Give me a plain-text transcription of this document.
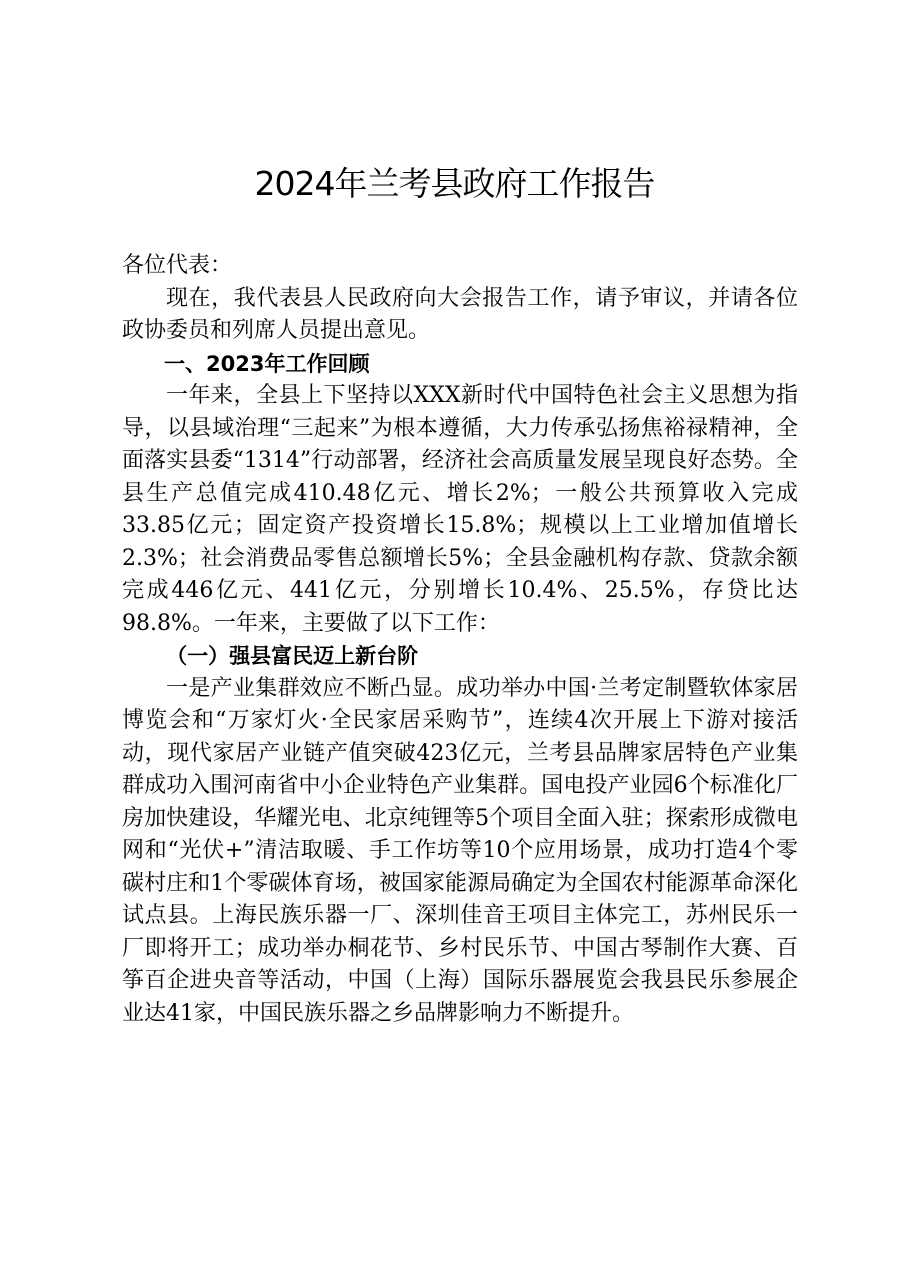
2024年兰考县政府工作报告

各位代表：

现在，我代表县人民政府向大会报告工作，请予审议，并请各位政协委员和列席人员提出意见。

一、2023年工作回顾

一年来，全县上下坚持以XXX新时代中国特色社会主义思想为指导，以县域治理“三起来”为根本遵循，大力传承弘扬焦裕禄精神，全面落实县委“1314”行动部署，经济社会高质量发展呈现良好态势。全县生产总值完成410.48亿元、增长2%；一般公共预算收入完成33.85亿元；固定资产投资增长15.8%；规模以上工业增加值增长2.3%；社会消费品零售总额增长5%；全县金融机构存款、贷款余额完成446亿元、441亿元，分别增长10.4%、25.5%，存贷比达98.8%。一年来，主要做了以下工作：

（一）强县富民迈上新台阶

一是产业集群效应不断凸显。成功举办中国·兰考定制暨软体家居博览会和“万家灯火·全民家居采购节”，连续4次开展上下游对接活动，现代家居产业链产值突破423亿元，兰考县品牌家居特色产业集群成功入围河南省中小企业特色产业集群。国电投产业园6个标准化厂房加快建设，华耀光电、北京纯锂等5个项目全面入驻；探索形成微电网和“光伏+”清洁取暖、手工作坊等10个应用场景，成功打造4个零碳村庄和1个零碳体育场，被国家能源局确定为全国农村能源革命深化试点县。上海民族乐器一厂、深圳佳音王项目主体完工，苏州民乐一厂即将开工；成功举办桐花节、乡村民乐节、中国古琴制作大赛、百筝百企进央音等活动，中国（上海）国际乐器展览会我县民乐参展企业达41家，中国民族乐器之乡品牌影响力不断提升。
